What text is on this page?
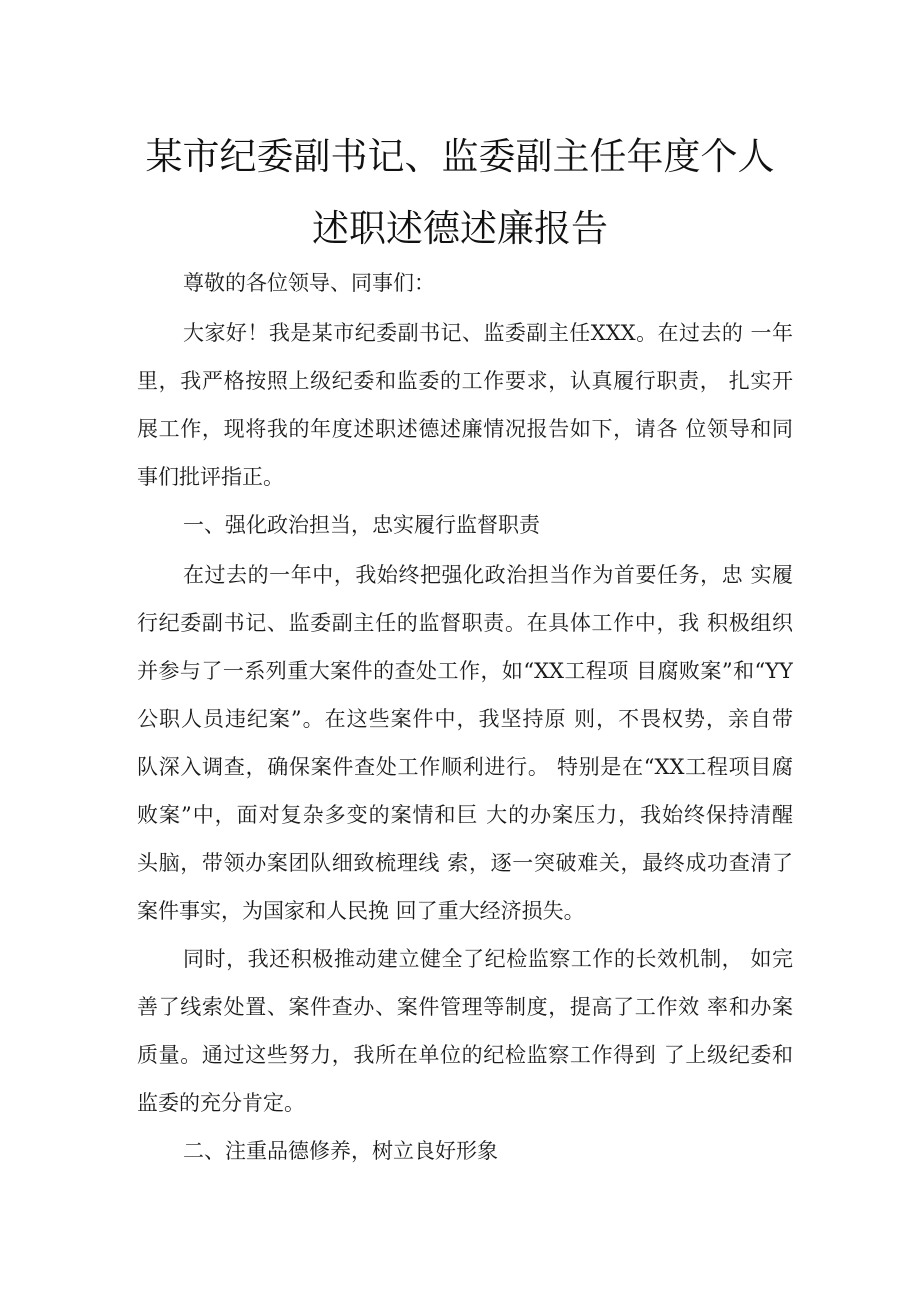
某市纪委副书记、监委副主任年度个人
述职述德述廉报告
尊敬的各位领导、同事们：
大家好！我是某市纪委副书记、监委副主任XXX。在过去的 一年
里，我严格按照上级纪委和监委的工作要求，认真履行职责， 扎实开
展工作，现将我的年度述职述德述廉情况报告如下，请各 位领导和同
事们批评指正。
一、强化政治担当，忠实履行监督职责
在过去的一年中，我始终把强化政治担当作为首要任务，忠 实履
行纪委副书记、监委副主任的监督职责。在具体工作中，我 积极组织
并参与了一系列重大案件的查处工作，如“XX工程项 目腐败案”和“YY
公职人员违纪案”。在这些案件中，我坚持原 则，不畏权势，亲自带
队深入调查，确保案件查处工作顺利进行。 特别是在“XX工程项目腐
败案”中，面对复杂多变的案情和巨 大的办案压力，我始终保持清醒
头脑，带领办案团队细致梳理线 索，逐一突破难关，最终成功查清了
案件事实，为国家和人民挽 回了重大经济损失。
同时，我还积极推动建立健全了纪检监察工作的长效机制， 如完
善了线索处置、案件查办、案件管理等制度，提高了工作效 率和办案
质量。通过这些努力，我所在单位的纪检监察工作得到 了上级纪委和
监委的充分肯定。
二、注重品德修养，树立良好形象
